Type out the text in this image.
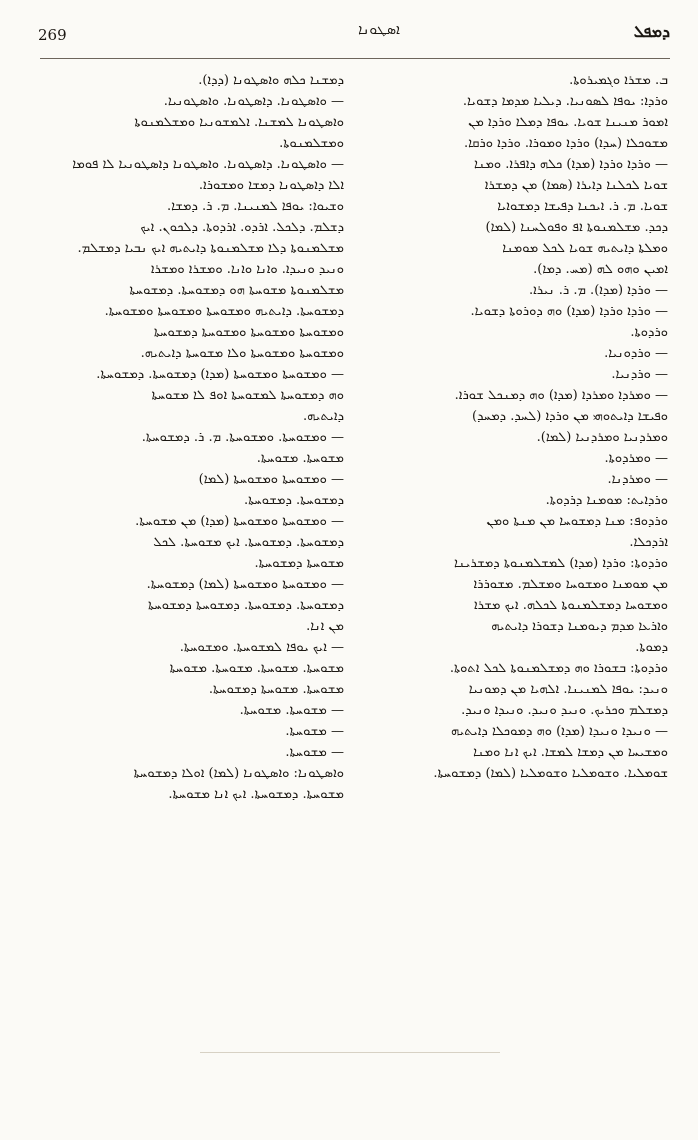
ܕܡܦܠ
ܐܣܛܘܢܐ
269
ܒ. ܡܫܪܐ ܘܓܡܝܪܘܬܐ.
ܘܪܕܐ: ܝܘܦܐ ܠܣܘܢܝܐ. ܕܝܠܝܐ ܡܕܡܐ ܕܫܘܝܐ.
ܐܡܘܪ ܡܢܝܢܐ ܫܘܝܐ. ܝܘܦܐ ܕܡܠܐ ܘܪܕܐ ܡܢ
ܡܫܘܟܠܐ (ܚܕܐ) ܘܪܕܐ ܘܡܘܪܐ. ܘܪܕܐ ܘܪܩܐ.
— ܘܪܕܐ ܘܪܕܐ (ܡܕܐ) ܟܠܗ ܕܐܦܪܐ. ܘܡܢܐ
ܫܘܝܐ ܠܟܠܢܐ ܕܐܝܪܐ (ܣܡܐ) ܡܢ ܕܡܫܪܐ
ܫܘܝܐ. ܡ. ܪ. ܐܝܟܢܐ ܕܦܝܫܐ ܕܡܫܘܐܝܐ
ܕܟܕ. ܡܫܠܡܢܘܬܐ ܐܦ ܘܦܘܠܚܢܐ (ܠܡܐ)
ܘܡܠܬܐ ܕܐܝܬܝܗ ܫܘܝܐ ܠܟܠ ܡܘܡܢܐ
ܐܡܝܢ ܘܗܘ ܠܗ (ܡܚ. ܕܡܐ).
— ܘܪܕܐ (ܡܕܐ). ܡ. ܪ. ܢܝܪܐ.
— ܘܪܕܐ ܘܪܕܐ (ܡܕܐ) ܘܗ ܕܘܪܘܬܐ ܕܫܘܝܐ.
ܘܪܕܘܬܐ.
— ܘܪܕܘܢܝܐ.
— ܘܪܕܢܝܐ.
— ܘܡܪܕܐ ܘܡܪܕܐ (ܡܕܐ) ܘܗ ܕܡܢܟܠ ܫܘܪܐ.
ܘܦܝܫܐ ܕܐܝܬܘܗܝ ܡܢ ܘܪܕܐ (ܠܚܕ. ܕܡܚܕ)
ܘܡܪܕܢܝܐ ܘܡܪܕܢܝܐ (ܠܡܐ).
— ܘܡܪܕܘܬܐ.
— ܘܡܪܕܢܐ.
ܘܪܕܐܝܬ: ܡܘܡܢܐ ܕܪܕܘܬܐ.
ܘܪܕܘܦ: ܡܢܐ ܕܡܫܘܚܐ ܡܢ ܡܢܬܐ ܘܡܢ
ܐܪܕܟܠܐ.
ܘܪܕܘܬܐ: ܘܪܕܐ (ܡܕܐ) ܠܡܫܠܡܢܘܬܐ ܕܡܫܪܝܢܐ
ܡܢ ܡܘܡܢܐ ܘܡܫܘܚܐ ܘܡܫܠܡ. ܡܫܘܪܪܐ
ܘܡܫܘܚܐ ܕܡܫܠܡܢܘܬܐ ܠܟܠܗ. ܐܝܟ ܡܫܪܐ
ܘܐܪܥܐ ܡܕܡ ܕܝܘܡܢܐ ܕܫܘܪܐ ܕܐܝܬܝܗ
ܕܡܘܬܐ.
ܘܪܕܘܬܐ: ܒܫܘܪܐ ܘܗ ܕܡܫܠܡܢܘܬܐ ܠܟܠ ܐܬܘܬܐ.
ܘܢܝܕ: ܝܘܦܐ ܠܡܢܝܢܐ. ܐܠܗܝܐ ܡܢ ܕܡܘܢܝܐ
ܕܡܫܠܡ ܘܟܪܝܟ. ܘܢܝܕ ܘܢܝܕ. ܘܢܝܕܐ ܘܢܝܕ.
— ܘܢܝܕܐ ܘܢܝܕܐ (ܡܕܐ) ܘܗ ܕܡܘܟܠܐ ܕܐܝܬܝܗ
ܘܡܫܝܚܐ ܡܢ ܕܡܫܐ ܠܡܫܐ. ܐܝܟ ܐܢܐ ܘܡܢܐ
ܫܘܡܠܝܐ. ܘܫܘܡܠܝܐ ܘܫܘܡܠܝܐ (ܠܡܐ) ܕܡܫܘܚܬܐ.
ܕܡܫܢܐ ܟܠܗ ܘܐܣܛܘܢܐ (ܕܕܐ).
— ܘܐܣܛܘܢܐ. ܕܐܣܛܘܢܐ. ܘܐܣܛܘܢܝܐ.
ܘܐܣܛܘܢܐ ܠܡܫܢܐ. ܐܠܡܫܘܢܝܐ ܘܡܫܠܡܢܘܬܐ
ܘܡܫܠܡܢܘܬܐ.
— ܘܐܣܛܘܢܐ. ܕܐܣܛܘܢܐ. ܘܐܣܛܘܢܐ ܕܐܣܛܘܢܝܐ ܠܐ ܦܘܡܐ
ܐܠܐ ܕܐܣܛܘܢܐ ܕܡܫܐ ܘܡܫܘܪܐ.
ܘܫܝܘܐ: ܝܘܦܐ ܠܡܢܝܢܐ. ܡ. ܪ. ܕܡܫܐ.
ܕܫܠܡ. ܕܠܟܠ. ܐܪܕܘ. ܐܪܕܘܬܐ. ܕܠܟܘܢ. ܐܝܟ
ܡܫܠܡܢܘܬܐ ܕܠܐ ܡܫܠܡܢܘܬܐ ܕܐܝܬܝܗ ܐܝܟ ܢܒܝܐ ܕܡܫܠܡ.
ܘܢܝܕ ܘܢܝܕܐ. ܘܐܢܐ ܘܐܢܐ. ܘܡܫܪܐ ܘܡܫܪܐ
ܡܫܠܡܢܘܬܐ ܡܫܘܚܬܐ ܗܘ ܕܡܫܘܚܬܐ. ܕܡܫܘܚܬܐ
ܕܡܫܘܚܬܐ. ܕܐܝܬܝܗ ܘܡܫܘܚܬܐ ܘܡܫܘܚܬܐ ܘܡܫܘܚܬܐ.
ܘܡܫܘܚܬܐ ܘܡܫܘܚܬܐ ܘܡܫܘܚܬܐ ܕܡܫܘܚܬܐ
ܘܡܫܘܚܬܐ ܘܡܫܘܚܬܐ ܘܠܐ ܡܫܘܚܬܐ ܕܐܝܬܝܗ.
— ܘܡܫܘܚܬܐ ܘܡܫܘܚܬܐ (ܡܕܐ) ܕܡܫܘܚܬܐ. ܕܡܫܘܚܬܐ.
ܘܗ ܕܡܫܘܚܬܐ ܠܡܫܘܚܬܐ ܐܘܦ ܠܐ ܡܫܘܚܬܐ
ܕܐܝܬܝܗ.
— ܘܡܫܘܚܬܐ. ܘܡܫܘܚܬܐ. ܡ. ܪ. ܕܡܫܘܚܬܐ.
ܡܫܘܚܬܐ. ܡܫܘܚܬܐ.
— ܘܡܫܘܚܬܐ ܘܡܫܘܚܬܐ (ܠܡܐ)
ܕܡܫܘܚܬܐ. ܕܡܫܘܚܬܐ.
— ܘܡܫܘܚܬܐ ܘܡܫܘܚܬܐ (ܡܕܐ) ܡܢ ܡܫܘܚܬܐ.
ܕܡܫܘܚܬܐ. ܕܡܫܘܚܬܐ. ܐܝܟ ܡܫܘܚܬܐ. ܠܟܠ
ܡܫܘܚܬܐ ܕܡܫܘܚܬܐ.
— ܘܡܫܘܚܬܐ ܘܡܫܘܚܬܐ (ܠܡܐ) ܕܡܫܘܚܬܐ.
ܕܡܫܘܚܬܐ. ܕܡܫܘܚܬܐ. ܕܡܫܘܚܬܐ ܕܡܫܘܚܬܐ
ܡܢ ܐܢܐ.
— ܐܝܟ ܝܘܦܐ ܠܡܫܘܚܬܐ. ܘܡܫܘܚܬܐ.
ܡܫܘܚܬܐ. ܡܫܘܚܬܐ. ܡܫܘܚܬܐ. ܡܫܘܚܬܐ
ܡܫܘܚܬܐ. ܡܫܘܚܬܐ ܕܡܫܘܚܬܐ.
— ܡܫܘܚܬܐ. ܡܫܘܚܬܐ.
— ܡܫܘܚܬܐ.
— ܡܫܘܚܬܐ.
ܘܐܣܛܘܢܐ: ܘܐܣܛܘܢܐ (ܠܡܐ) ܐܘܠܐ ܕܡܫܘܚܬܐ
ܡܫܘܚܬܐ. ܕܡܫܘܚܬܐ. ܐܝܟ ܐܢܐ ܡܫܘܚܬܐ.
